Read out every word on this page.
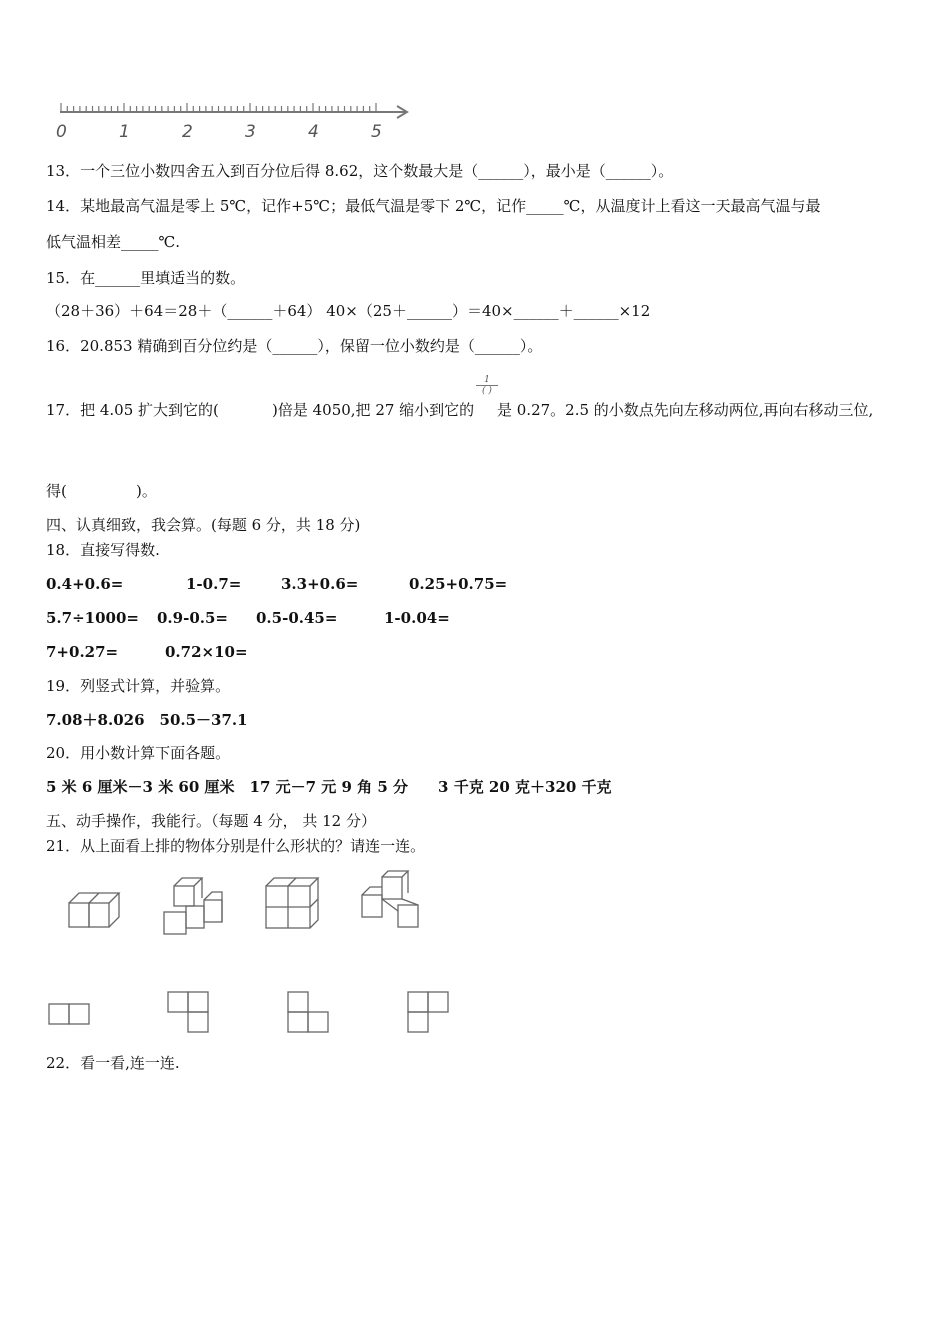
0	1	2	3	4	5
13．一个三位小数四舍五入到百分位后得 8.62，这个数最大是（______），最小是（______）。
14．某地最高气温是零上 5℃，记作+5℃；最低气温是零下 2℃，记作_____℃，从温度计上看这一天最高气温与最
低气温相差_____℃.
15．在______里填适当的数。
（28＋36）＋64＝28＋（______＋64） 40×（25＋______）＝40×______＋______×12
16．20.853 精确到百分位约是（______），保留一位小数约是（______）。
17．把 4.05 扩大到它的(	)倍是 4050,把 27 缩小到它的
1
( )
是 0.27。2.5 的小数点先向左移动两位,再向右移动三位,
得(	)。
四、认真细致，我会算。(每题 6 分，共 18 分)
18．直接写得数.
0.4+0.6=	1-0.7=	3.3+0.6=	0.25+0.75=
5.7÷1000= 0.9-0.5= 0.5-0.45=	1-0.04=
7+0.27=	0.72×10=
19．列竖式计算，并验算。
7.08＋8.026　50.5－37.1
20．用小数计算下面各题。
5 米 6 厘米－3 米 60 厘米　17 元－7 元 9 角 5 分　　3 千克 20 克＋320 千克
五、动手操作，我能行。（每题 4 分， 共 12 分）
21．从上面看上排的物体分别是什么形状的？请连一连。
22．看一看,连一连.
